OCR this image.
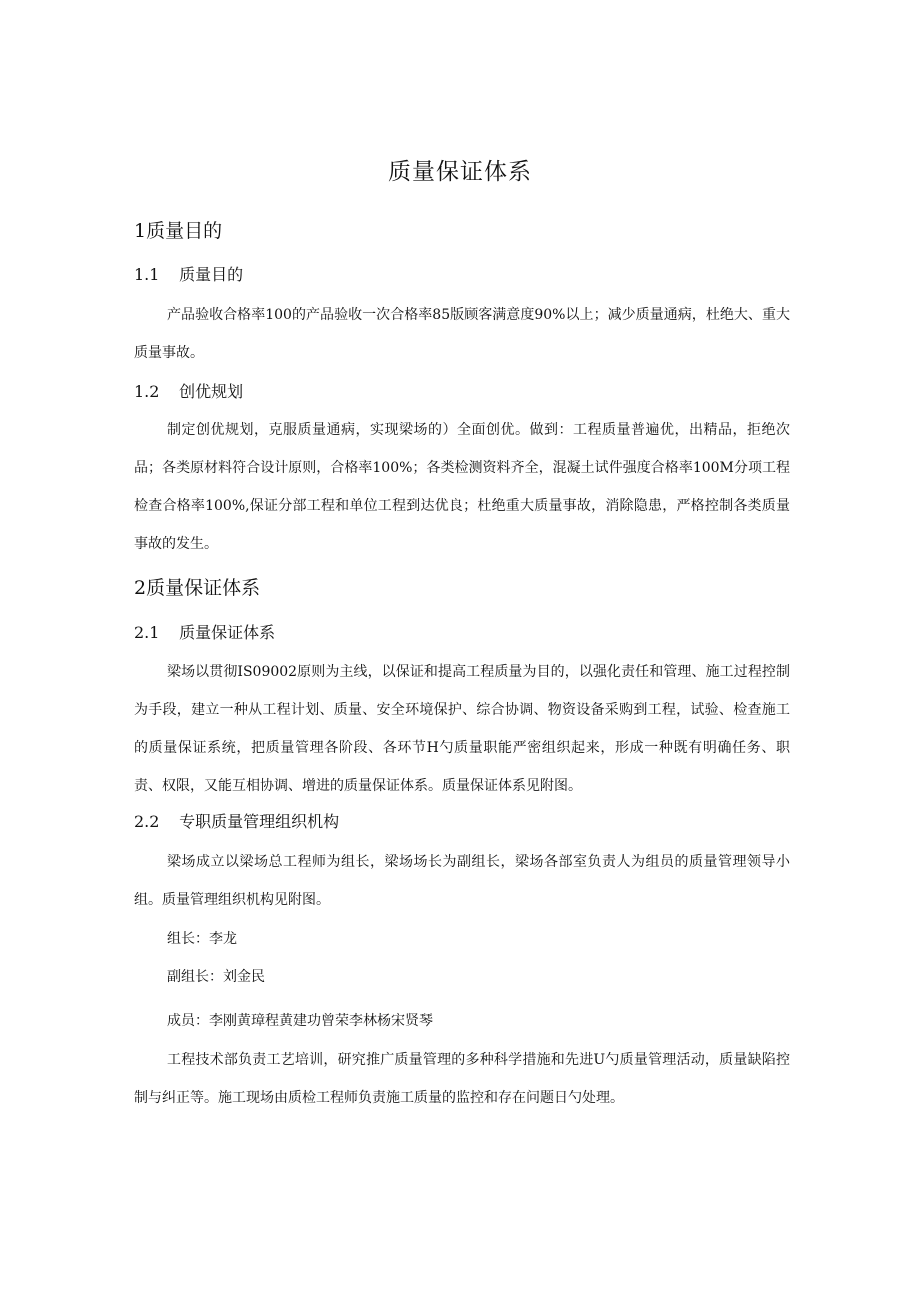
质量保证体系
1质量目的
1.1 质量目的
产品验收合格率100的产品验收一次合格率85版顾客满意度90%以上；减少质量通病，杜绝大、重大质量事故。
1.2 创优规划
制定创优规划，克服质量通病，实现梁场的）全面创优。做到：工程质量普遍优，出精品，拒绝次品；各类原材料符合设计原则，合格率100%；各类检测资料齐全，混凝土试件强度合格率100M分项工程检查合格率100%,保证分部工程和单位工程到达优良；杜绝重大质量事故，消除隐患，严格控制各类质量事故的发生。
2质量保证体系
2.1 质量保证体系
梁场以贯彻IS09002原则为主线，以保证和提高工程质量为目的，以强化责任和管理、施工过程控制为手段，建立一种从工程计划、质量、安全环境保护、综合协调、物资设备采购到工程，试验、检查施工的质量保证系统，把质量管理各阶段、各环节H勺质量职能严密组织起来，形成一种既有明确任务、职责、权限，又能互相协调、增进的质量保证体系。质量保证体系见附图。
2.2 专职质量管理组织机构
梁场成立以梁场总工程师为组长，梁场场长为副组长，梁场各部室负责人为组员的质量管理领导小组。质量管理组织机构见附图。
组长：李龙
副组长：刘金民
成员：李刚黄璋程黄建功曾荣李林杨宋贤琴
工程技术部负责工艺培训，研究推广质量管理的多种科学措施和先进U勺质量管理活动，质量缺陷控制与纠正等。施工现场由质检工程师负责施工质量的监控和存在问题日勺处理。
